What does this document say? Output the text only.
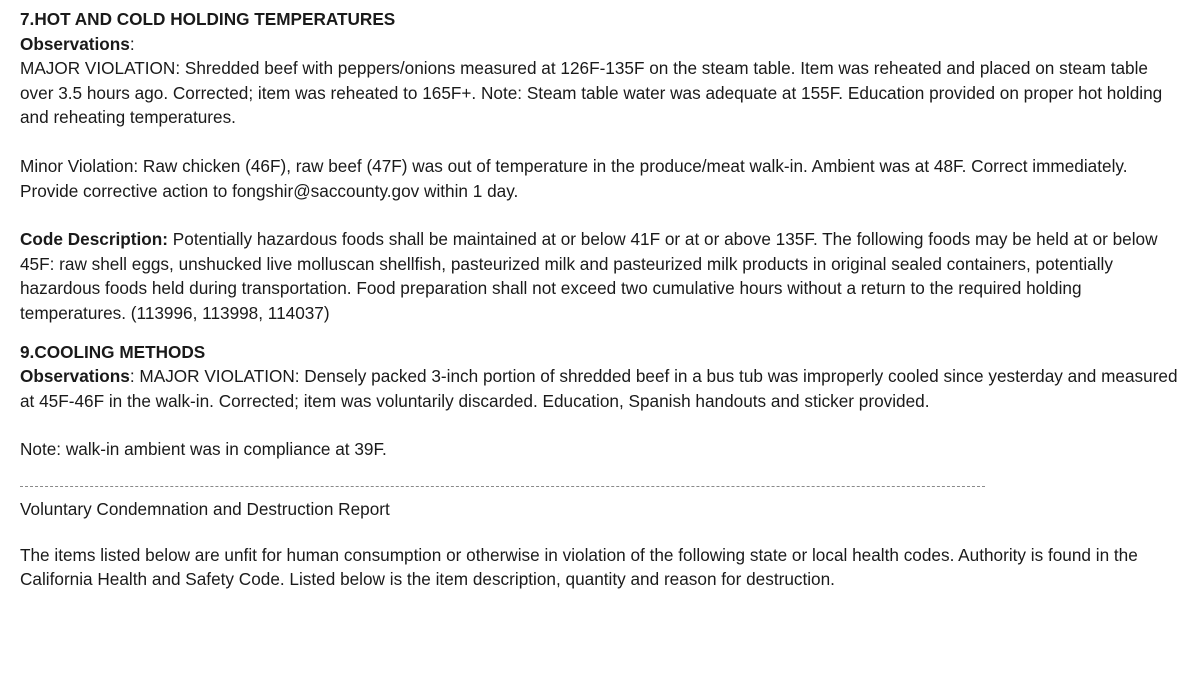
7.HOT AND COLD HOLDING TEMPERATURES
Observations:

MAJOR VIOLATION: Shredded beef with peppers/onions measured at 126F-135F on the steam table. Item was reheated and placed on steam table over 3.5 hours ago. Corrected; item was reheated to 165F+. Note: Steam table water was adequate at 155F. Education provided on proper hot holding and reheating temperatures.

Minor Violation: Raw chicken (46F), raw beef (47F) was out of temperature in the produce/meat walk-in. Ambient was at 48F. Correct immediately. Provide corrective action to fongshir@saccounty.gov within 1 day.

Code Description: Potentially hazardous foods shall be maintained at or below 41F or at or above 135F. The following foods may be held at or below 45F: raw shell eggs, unshucked live molluscan shellfish, pasteurized milk and pasteurized milk products in original sealed containers, potentially hazardous foods held during transportation. Food preparation shall not exceed two cumulative hours without a return to the required holding temperatures. (113996, 113998, 114037)

9.COOLING METHODS

Observations: MAJOR VIOLATION: Densely packed 3-inch portion of shredded beef in a bus tub was improperly cooled since yesterday and measured at 45F-46F in the walk-in. Corrected; item was voluntarily discarded. Education, Spanish handouts and sticker provided.

Note: walk-in ambient was in compliance at 39F.

Voluntary Condemnation and Destruction Report

The items listed below are unfit for human consumption or otherwise in violation of the following state or local health codes. Authority is found in the California Health and Safety Code. Listed below is the item description, quantity and reason for destruction.
